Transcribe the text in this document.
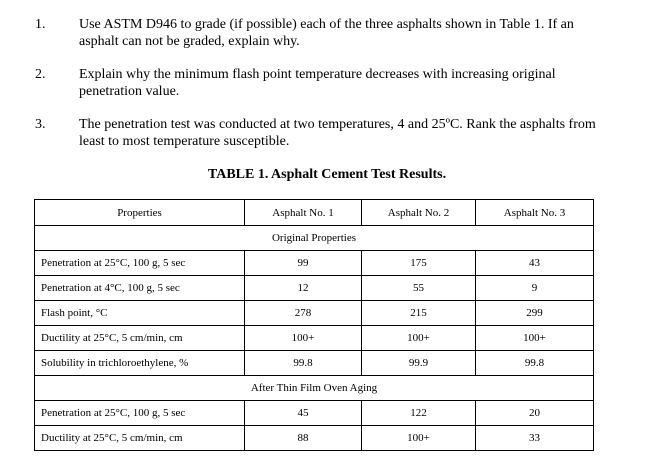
1. Use ASTM D946 to grade (if possible) each of the three asphalts shown in Table 1. If an asphalt can not be graded, explain why.
2. Explain why the minimum flash point temperature decreases with increasing original penetration value.
3. The penetration test was conducted at two temperatures, 4 and 25ºC. Rank the asphalts from least to most temperature susceptible.
TABLE 1. Asphalt Cement Test Results.
Properties	Asphalt No. 1	Asphalt No. 2	Asphalt No. 3
Original Properties			
Penetration at 25°C, 100 g, 5 sec	99	175	43
Penetration at 4°C, 100 g, 5 sec	12	55	9
Flash point, °C	278	215	299
Ductility at 25°C, 5 cm/min, cm	100+	100+	100+
Solubility in trichloroethylene, %	99.8	99.9	99.8
After Thin Film Oven Aging			
Penetration at 25°C, 100 g, 5 sec	45	122	20
Ductility at 25°C, 5 cm/min, cm	88	100+	33
